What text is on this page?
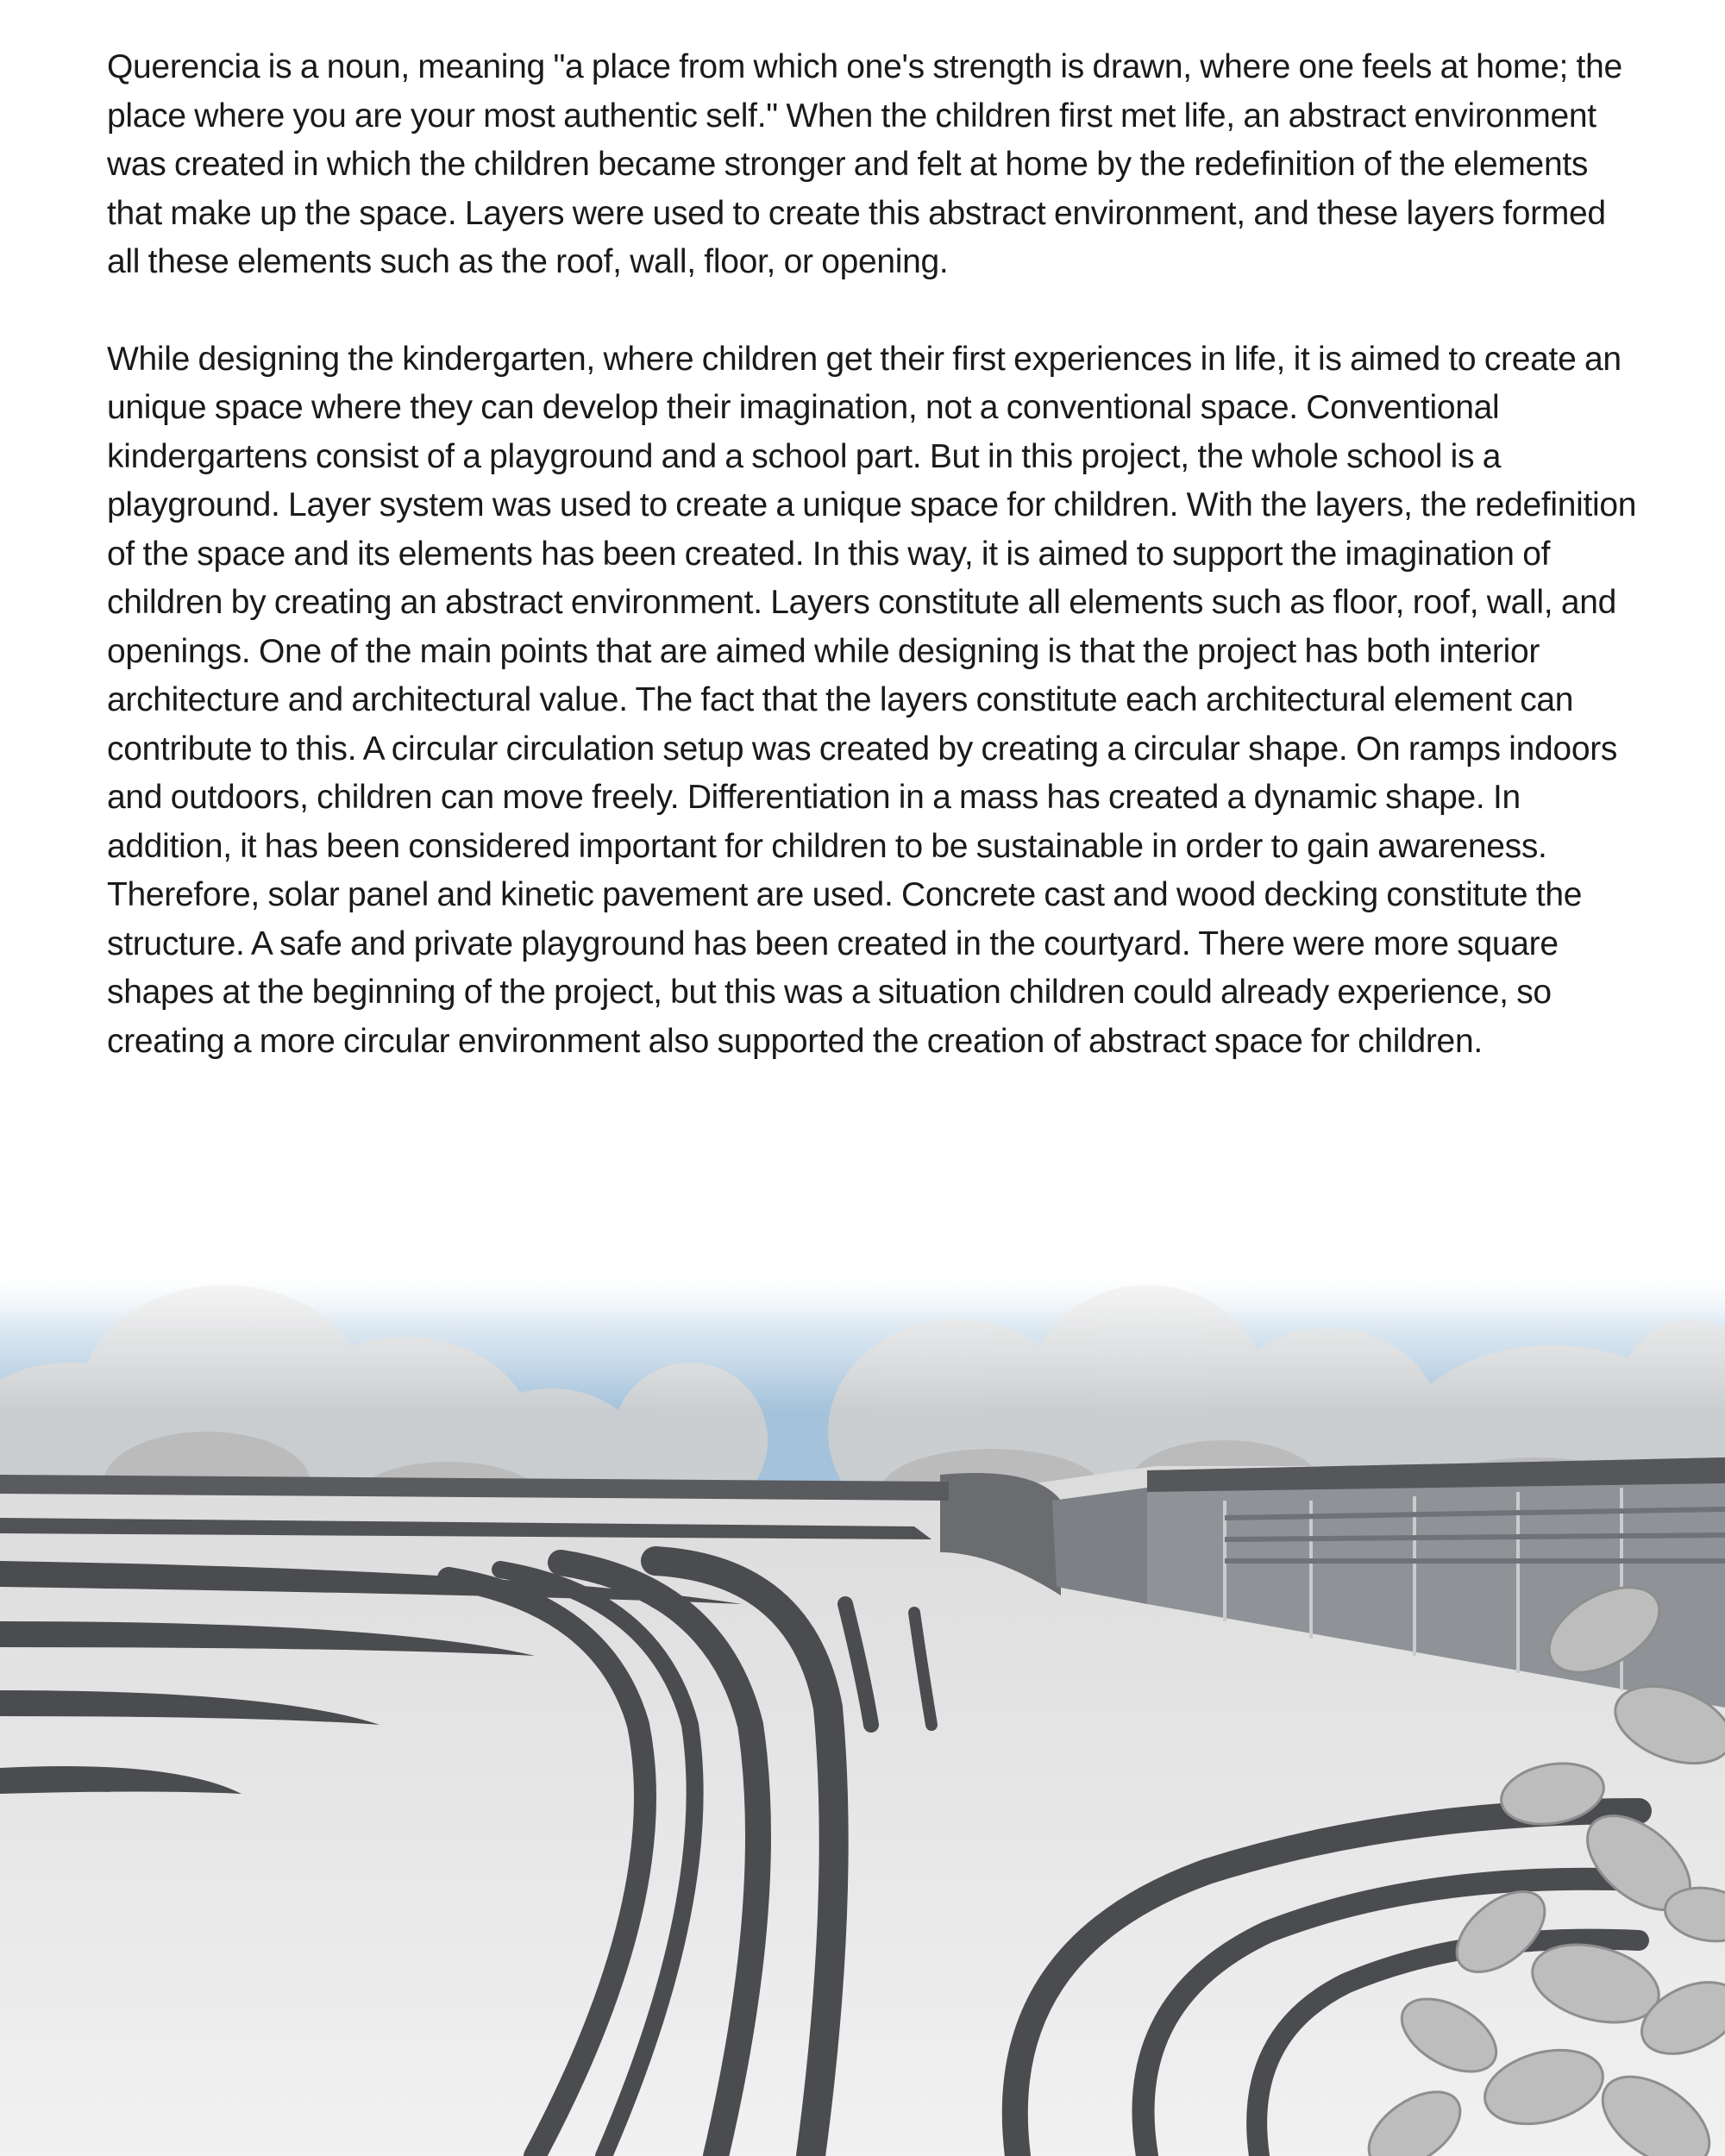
Querencia is a noun, meaning "a place from which one's strength is drawn, where one feels at home; the place where you are your most authentic self." When the children first met life, an abstract environment was created in which the children became stronger and felt at home by the redefinition of the elements that make up the space. Layers were used to create this abstract environment, and these layers formed all these elements such as the roof, wall, floor, or opening.

While designing the kindergarten, where children get their first experiences in life, it is aimed to create an unique space where they can develop their imagination, not a conventional space. Conventional kindergartens consist of a playground and a school part. But in this project, the whole school is a playground. Layer system was used to create a unique space for children. With the layers, the redefinition of the space and its elements has been created. In this way, it is aimed to support the imagination of children by creating an abstract environment. Layers constitute all elements such as floor, roof, wall, and openings. One of the main points that are aimed while designing is that the project has both interior architecture and architectural value. The fact that the layers constitute each architectural element can contribute to this. A circular circulation setup was created by creating a circular shape. On ramps indoors and outdoors, children can move freely. Differentiation in a mass has created a dynamic shape. In addition, it has been considered important for children to be sustainable in order to gain awareness. Therefore, solar panel and kinetic pavement are used. Concrete cast and wood decking constitute the structure. A safe and private playground has been created in the courtyard. There were more square shapes at the beginning of the project, but this was a situation children could already experience, so creating a more circular environment also supported the creation of abstract space for children.
